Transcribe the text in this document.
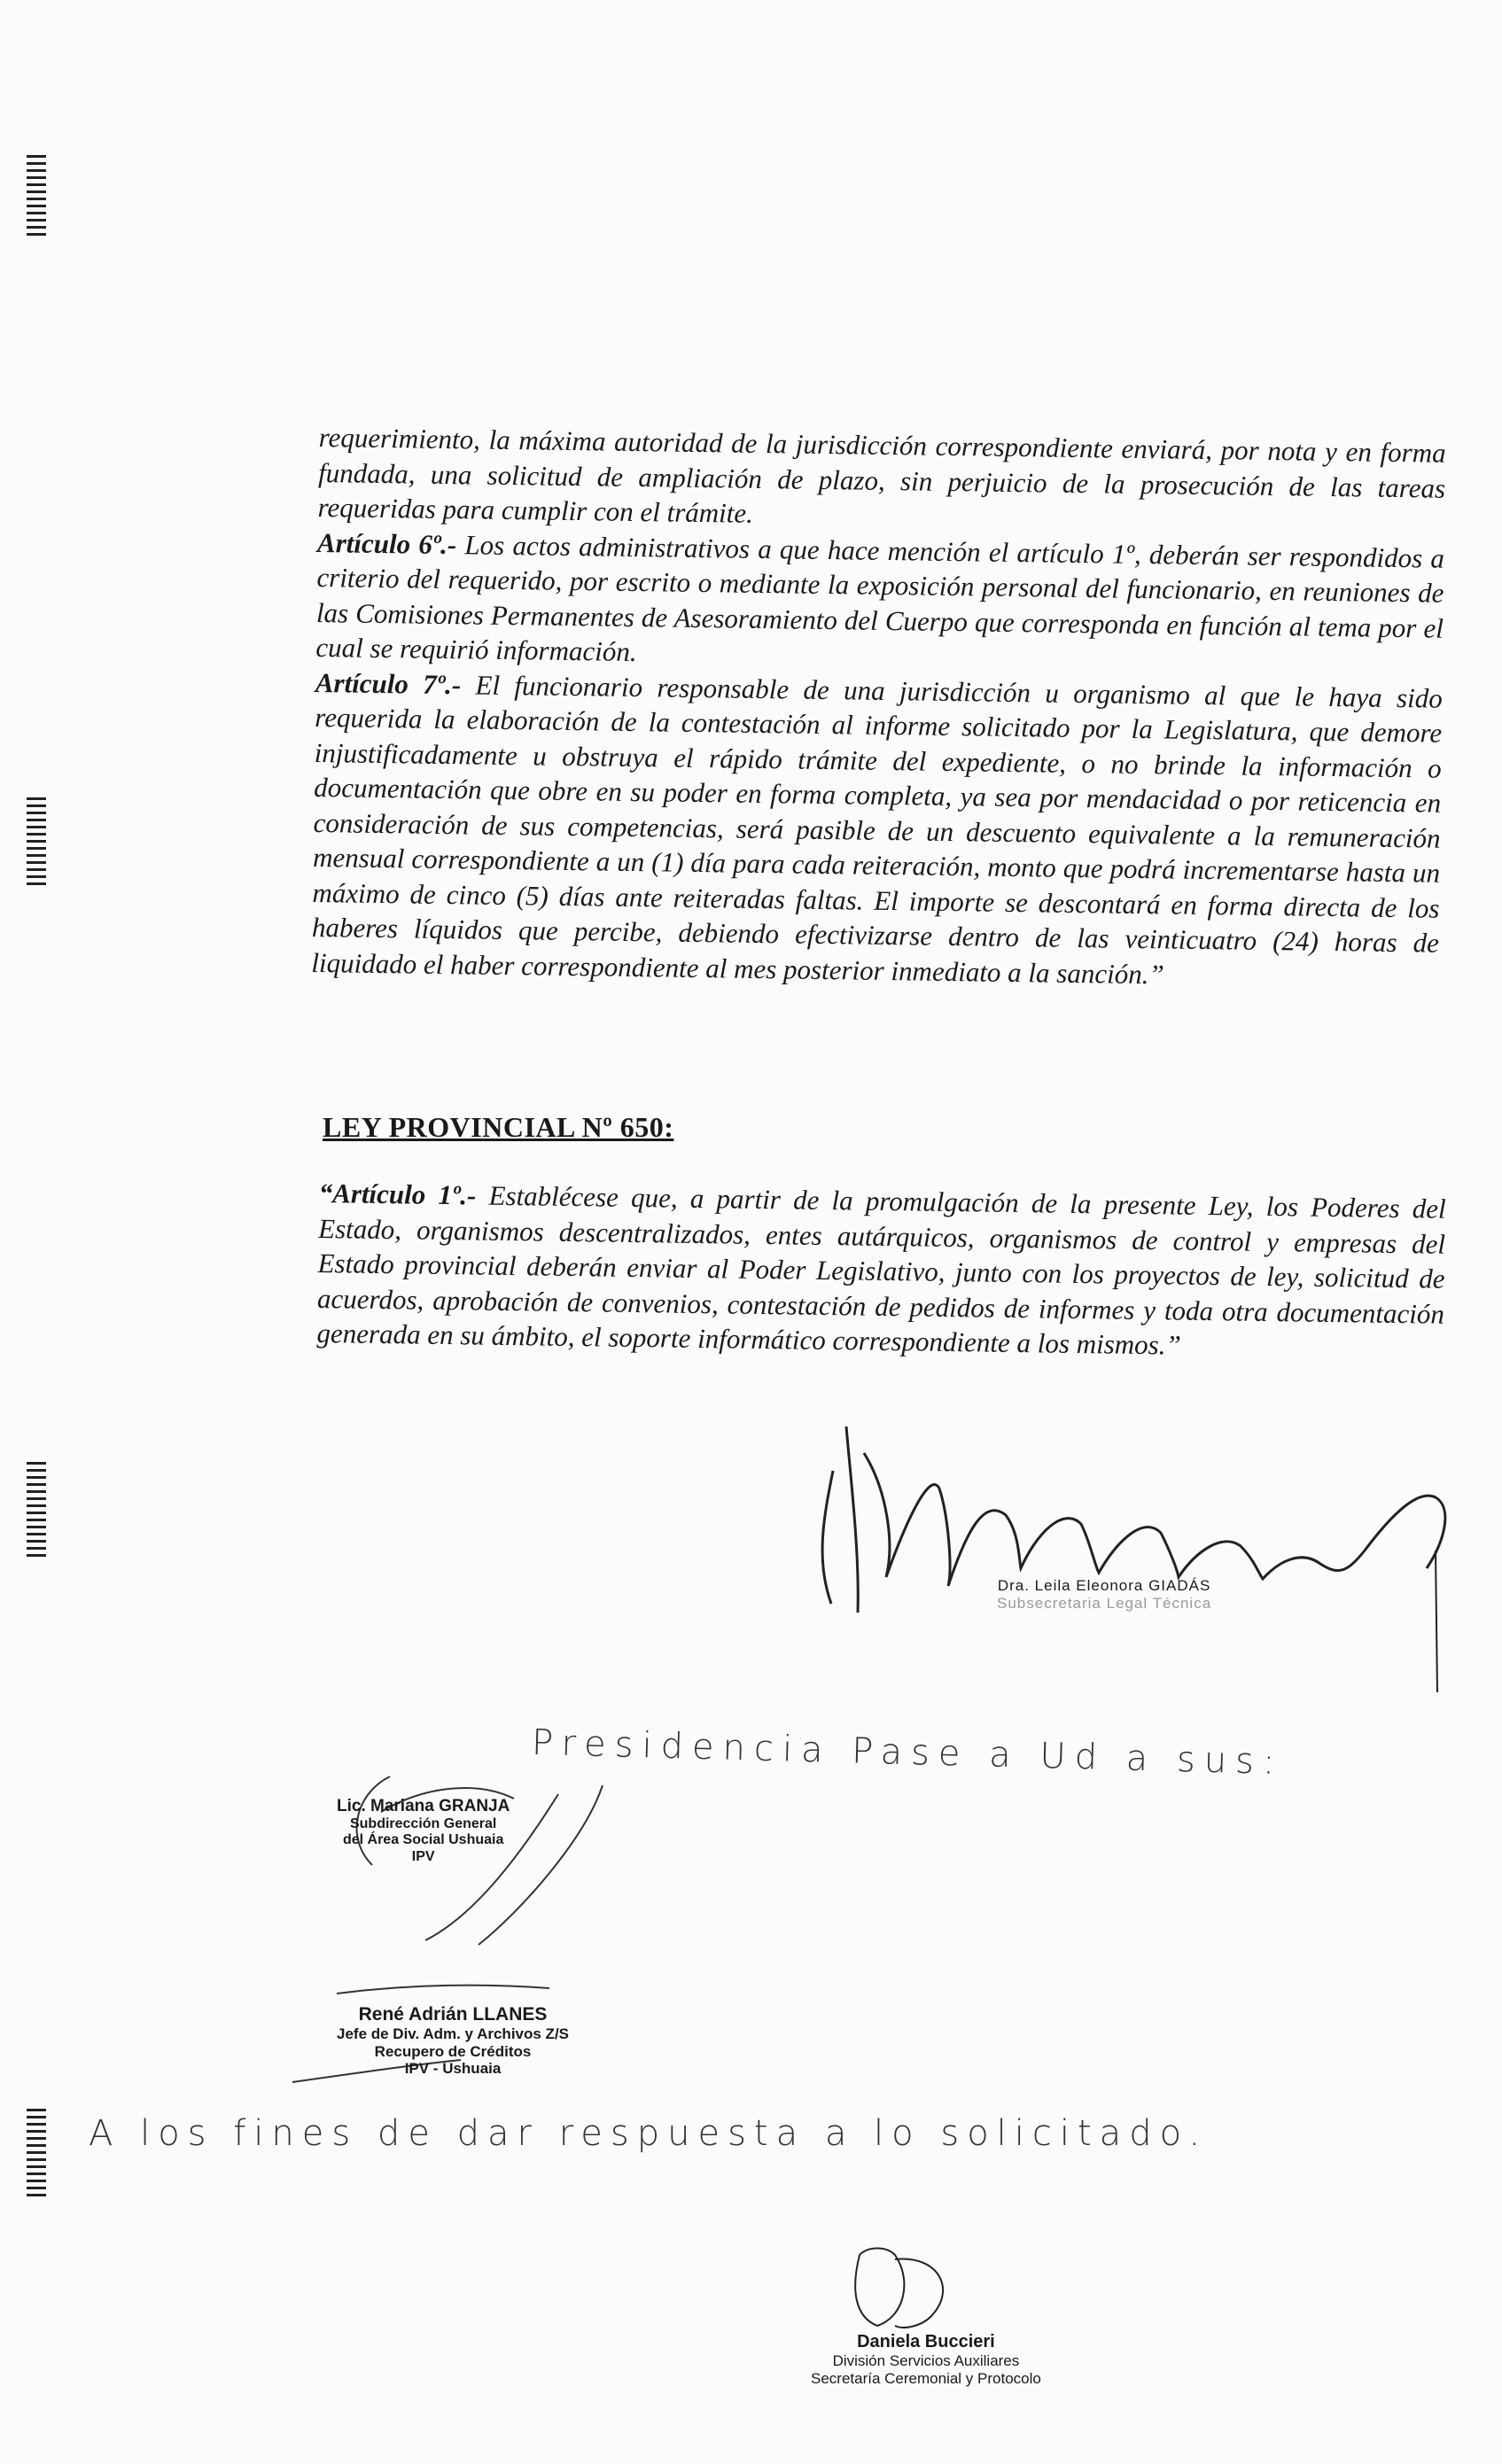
requerimiento, la máxima autoridad de la jurisdicción correspondiente enviará, por nota y en forma fundada, una solicitud de ampliación de plazo, sin perjuicio de la prosecución de las tareas requeridas para cumplir con el trámite.

Artículo 6º.- Los actos administrativos a que hace mención el artículo 1º, deberán ser respondidos a criterio del requerido, por escrito o mediante la exposición personal del funcionario, en reuniones de las Comisiones Permanentes de Asesoramiento del Cuerpo que corresponda en función al tema por el cual se requirió información.

Artículo 7º.- El funcionario responsable de una jurisdicción u organismo al que le haya sido requerida la elaboración de la contestación al informe solicitado por la Legislatura, que demore injustificadamente u obstruya el rápido trámite del expediente, o no brinde la información o documentación que obre en su poder en forma completa, ya sea por mendacidad o por reticencia en consideración de sus competencias, será pasible de un descuento equivalente a la remuneración mensual correspondiente a un (1) día para cada reiteración, monto que podrá incrementarse hasta un máximo de cinco (5) días ante reiteradas faltas. El importe se descontará en forma directa de los haberes líquidos que percibe, debiendo efectivizarse dentro de las veinticuatro (24) horas de liquidado el haber correspondiente al mes posterior inmediato a la sanción.”

LEY PROVINCIAL Nº 650:

“Artículo 1º.- Establécese que, a partir de la promulgación de la presente Ley, los Poderes del Estado, organismos descentralizados, entes autárquicos, organismos de control y empresas del Estado provincial deberán enviar al Poder Legislativo, junto con los proyectos de ley, solicitud de acuerdos, aprobación de convenios, contestación de pedidos de informes y toda otra documentación generada en su ámbito, el soporte informático correspondiente a los mismos.”

Dra. Leila Eleonora GIADÁS
Subsecretaria Legal Técnica
Presidencia Pase a Ud a sus:
Lic. Mariana GRANJA
Subdirección General
del Área Social Ushuaia
IPV
René Adrián LLANES
Jefe de Div. Adm. y Archivos Z/S
Recupero de Créditos
IPV - Ushuaia
A los fines de dar respuesta a lo solicitado.
Daniela Buccieri
División Servicios Auxiliares
Secretaría Ceremonial y Protocolo
